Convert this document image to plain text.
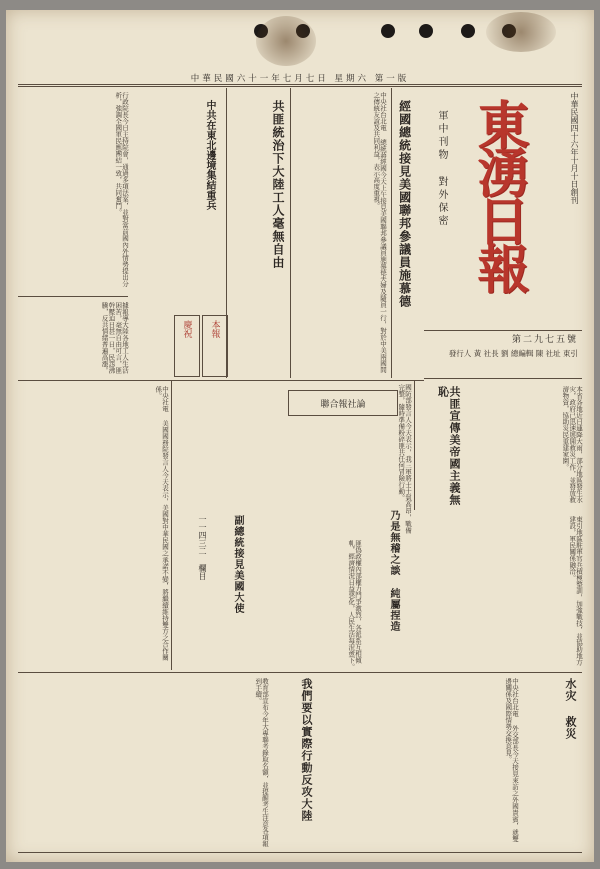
中華民國六十一年七月七日 星期六 第一版
中華民國四十六年十月十日創刊
東湧日報
軍中刊物 對外保密
第二九七五號
發行人 黃 社長 劉 總編輯 陳 社址 東引
經國總統接見美國聯邦參議員施慕德
中央社台北電 總統蔣經國今天上午接見美國聯邦參議員施慕德夫婦及隨員一行，對於中美兩國間之傳統友誼及共同利益，表示高度重視。
共匪統治下大陸工人毫無自由
中共在東北邊境集結重兵
行政院長今日主持院會，通過多項法案，並對當前國內外情勢提出分析，強調全國軍民應團結一致，共同奮鬥。
據報導大陸各地工人生活困苦，毫無自由可言，匪幹壓迫日甚一日，民怨沸騰，反共情緒普遍高漲。	慶祝	本報
國防部發言人今天表示，我三軍將士士氣高昂，戰備完整，隨時準備粉碎匪共任何冒險行動。
聯合報社論	共匪宣傳美帝國主義無恥	本省各地近日連降大雨，部分地區發生水灾，政府已迅速展開救災工作，並發放救濟物資，協助災民重建家園。
乃是無稽之談 純屬捏造
副總統接見美國大使
中央社電 美國國務院發言人今天表示，美國對中華民國之承諾不變，將繼續維持雙方之合作關係。
匪偽政權內部權力鬥爭激烈，各派系互相傾軋，經濟情況日益惡化，人民生活每況愈下。	東引地區駐軍官兵積極整訓，加強戰技，並協助地方建設，軍民關係融洽。
一一四三二 欄目
我們要以實際行動反攻大陸	中央社台北電 外交部長今天接見來訪之外國貴賓，就雙邊關係及國際情勢交換意見。	水灾 救災
教育部宣布今年大專聯考錄取名額，並提醒考生注意各項報到手續。
